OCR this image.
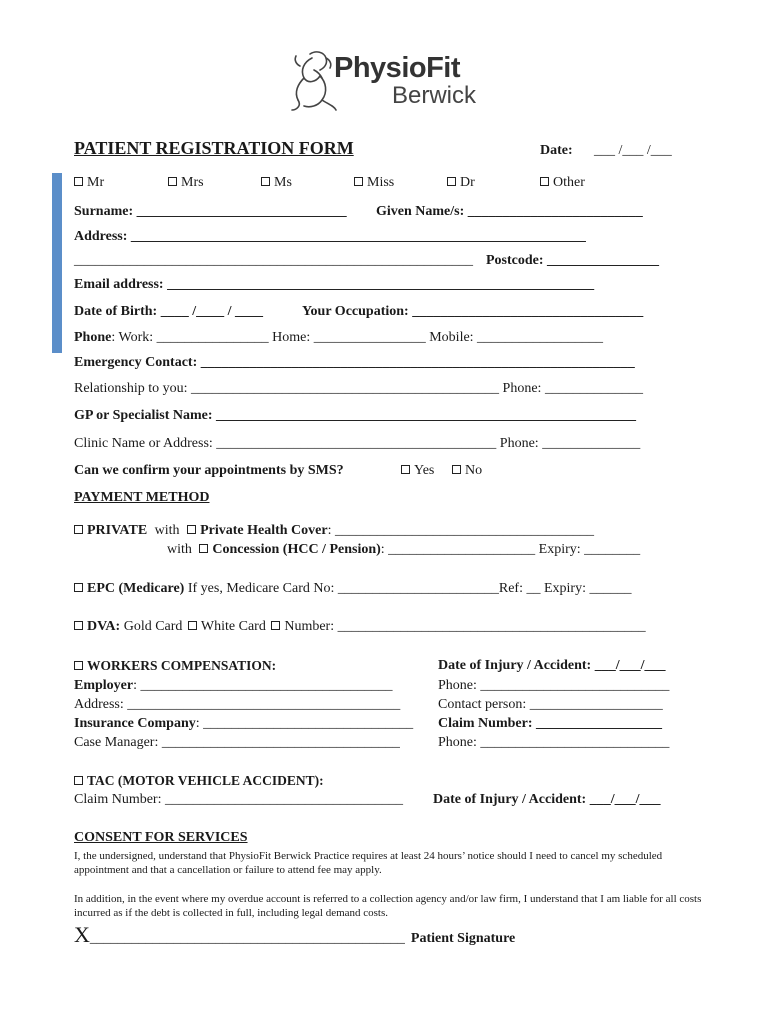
PhysioFit
Berwick
PATIENT REGISTRATION FORM	Date: ___ /___ /___
Mr	Mrs	Ms	Miss	Dr	Other
Surname: ______________________________ Given Name/s: _________________________
Address: _________________________________________________________________
_________________________________________________________ Postcode: ________________
Email address: _____________________________________________________________
Date of Birth: ____ /____ / ____	Your Occupation: _________________________________
Phone: Work: ________________ Home: ________________ Mobile: __________________
Emergency Contact: ______________________________________________________________
Relationship to you: ____________________________________________ Phone: ______________
GP or Specialist Name: ____________________________________________________________
Clinic Name or Address: ________________________________________ Phone: ______________
Can we confirm your appointments by SMS?	Yes	No
PAYMENT METHOD
PRIVATE with Private Health Cover: _____________________________________
with Concession (HCC / Pension): _____________________ Expiry: ________
EPC (Medicare) If yes, Medicare Card No: _______________________Ref: __ Expiry: ______
DVA: Gold Card White Card Number: ____________________________________________
WORKERS COMPENSATION:	Date of Injury / Accident: ___/___/___
Employer: ____________________________________	Phone: ___________________________
Address: _______________________________________	Contact person: ___________________
Insurance Company: ______________________________ Claim Number: __________________
Case Manager: __________________________________	Phone: ___________________________
TAC (MOTOR VEHICLE ACCIDENT):
Claim Number: __________________________________ Date of Injury / Accident: ___/___/___
CONSENT FOR SERVICES
I, the undersigned, understand that PhysioFit Berwick Practice requires at least 24 hours’ notice should I need to cancel my scheduled appointment and that a cancellation or failure to attend fee may apply.
In addition, in the event where my overdue account is referred to a collection agency and/or law firm, I understand that I am liable for all costs incurred as if the debt is collected in full, including legal demand costs.
X_____________________________________________ Patient Signature
